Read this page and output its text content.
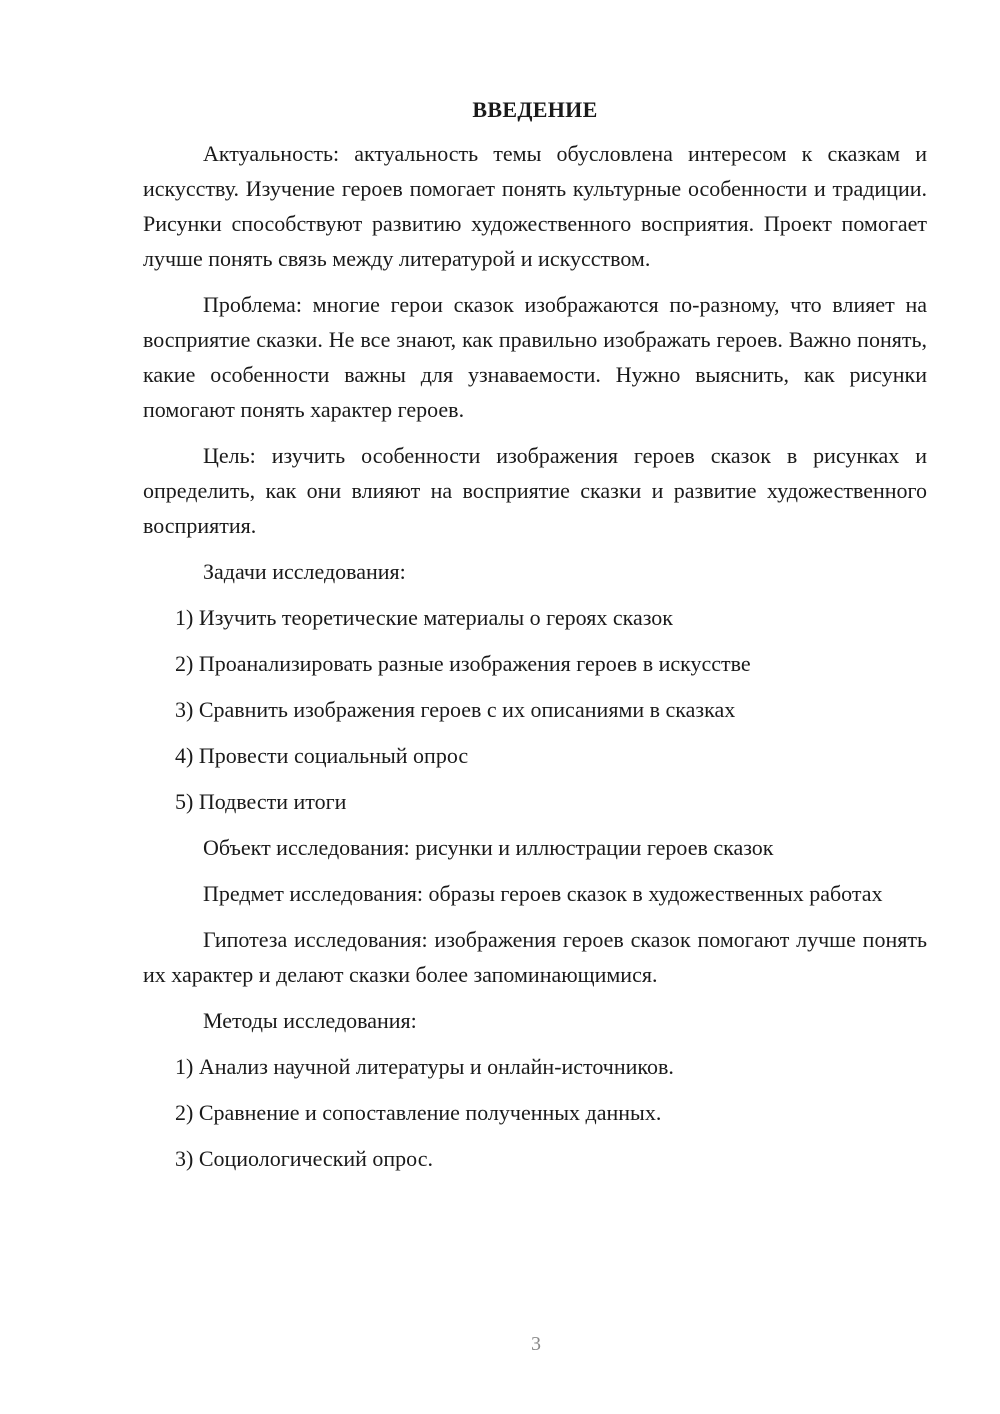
ВВЕДЕНИЕ

Актуальность: актуальность темы обусловлена интересом к сказкам и искусству. Изучение героев помогает понять культурные особенности и традиции. Рисунки способствуют развитию художественного восприятия. Проект помогает лучше понять связь между литературой и искусством.

Проблема: многие герои сказок изображаются по-разному, что влияет на восприятие сказки. Не все знают, как правильно изображать героев. Важно понять, какие особенности важны для узнаваемости. Нужно выяснить, как рисунки помогают понять характер героев.

Цель: изучить особенности изображения героев сказок в рисунках и определить, как они влияют на восприятие сказки и развитие художественного восприятия.

Задачи исследования:

1) Изучить теоретические материалы о героях сказок
2) Проанализировать разные изображения героев в искусстве
3) Сравнить изображения героев с их описаниями в сказках
4) Провести социальный опрос
5) Подвести итоги

Объект исследования: рисунки и иллюстрации героев сказок

Предмет исследования: образы героев сказок в художественных работах

Гипотеза исследования: изображения героев сказок помогают лучше понять их характер и делают сказки более запоминающимися.

Методы исследования:

1) Анализ научной литературы и онлайн-источников.
2) Сравнение и сопоставление полученных данных.
3) Социологический опрос.
3
